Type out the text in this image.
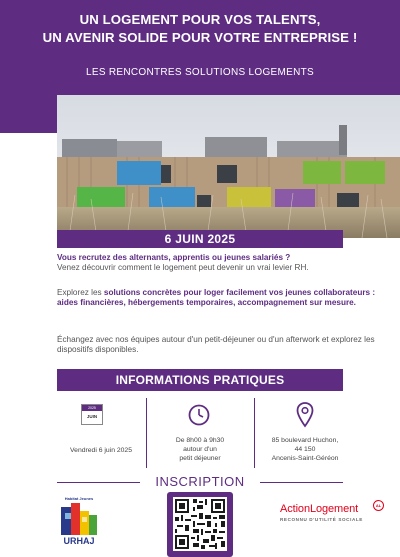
UN LOGEMENT POUR VOS TALENTS,
UN AVENIR SOLIDE POUR VOTRE ENTREPRISE !
LES RENCONTRES SOLUTIONS LOGEMENTS
6 JUIN 2025
Vous recrutez des alternants, apprentis ou jeunes salariés ?
Venez découvrir comment le logement peut devenir un vrai levier RH.
Explorez les solutions concrètes pour loger facilement vos jeunes collaborateurs : aides financières, hébergements temporaires, accompagnement sur mesure.
Échangez avec nos équipes autour d'un petit-déjeuner ou d'un afterwork et explorez les dispositifs disponibles.
INFORMATIONS PRATIQUES
2025
JUIN
Vendredi 6 juin 2025
De 8h00 à 9h30
autour d'un
petit déjeuner
85 boulevard Huchon,
44 150
Ancenis-Saint-Géréon
INSCRIPTION
Habitat Jeunes
URHAJ
ActionLogement	AL
RECONNU D'UTILITÉ SOCIALE
